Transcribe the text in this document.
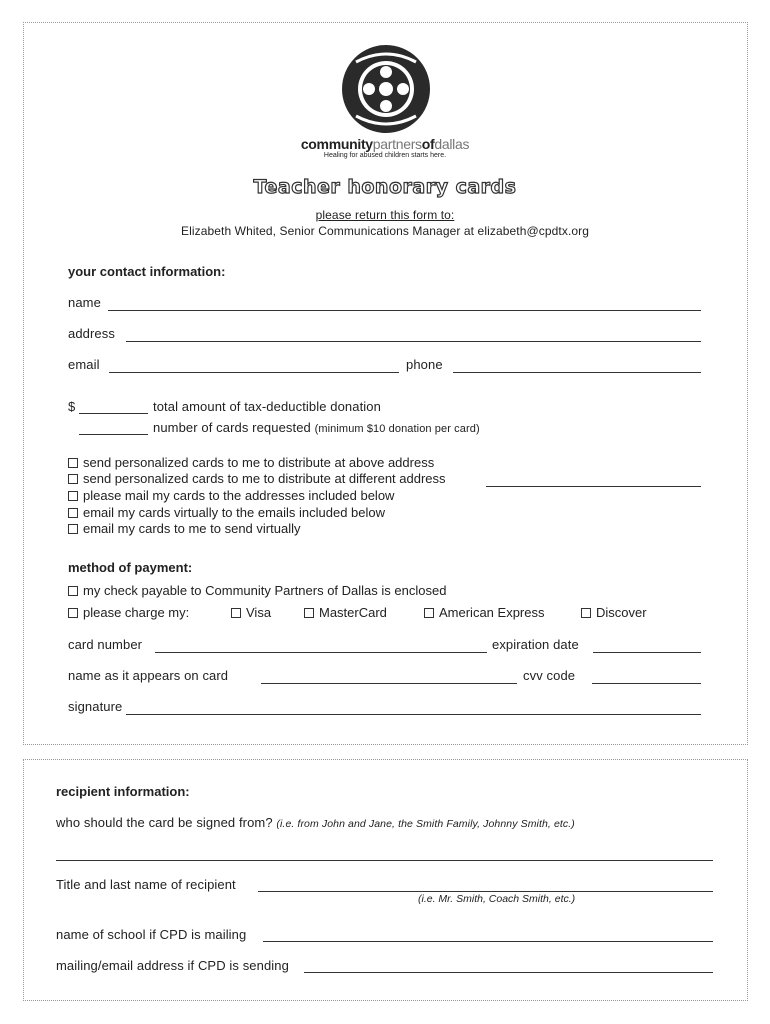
communitypartnersofdallas
Healing for abused children starts here.
Teacher honorary cards
please return this form to:
Elizabeth Whited, Senior Communications Manager at elizabeth@cpdtx.org
your contact information:
name
address
email	phone
$	total amount of tax-deductible donation
number of cards requested (minimum $10 donation per card)
send personalized cards to me to distribute at above address
send personalized cards to me to distribute at different address
please mail my cards to the addresses included below
email my cards virtually to the emails included below
email my cards to me to send virtually
method of payment:
my check payable to Community Partners of Dallas is enclosed
please charge my:	Visa	MasterCard	American Express	Discover
card number	expiration date
name as it appears on card	cvv code
signature
recipient information:
who should the card be signed from? (i.e. from John and Jane, the Smith Family, Johnny Smith, etc.)
Title and last name of recipient
(i.e. Mr. Smith, Coach Smith, etc.)
name of school if CPD is mailing
mailing/email address if CPD is sending
